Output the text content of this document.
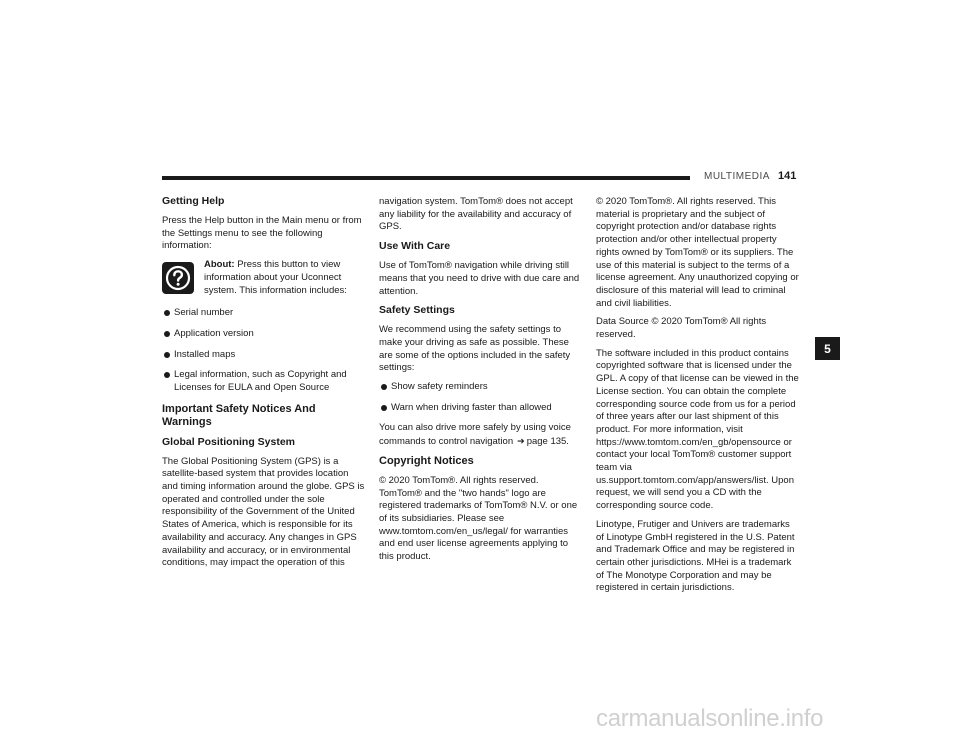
MULTIMEDIA 141
Getting Help

Press the Help button in the Main menu or from the Settings menu to see the following information:

About: Press this button to view information about your Uconnect system. This information includes:
Serial number
Application version
Installed maps
Legal information, such as Copyright and Licenses for EULA and Open Source
Important Safety Notices And Warnings
Global Positioning System

The Global Positioning System (GPS) is a satellite-based system that provides location and timing information around the globe. GPS is operated and controlled under the sole responsibility of the Government of the United States of America, which is responsible for its availability and accuracy. Any changes in GPS availability and accuracy, or in environmental conditions, may impact the operation of this

navigation system. TomTom® does not accept any liability for the availability and accuracy of GPS.

Use With Care

Use of TomTom® navigation while driving still means that you need to drive with due care and attention.

Safety Settings

We recommend using the safety settings to make your driving as safe as possible. These are some of the options included in the safety settings:

Show safety reminders
Warn when driving faster than allowed

You can also drive more safely by using voice commands to control navigation ➔ page 135.

Copyright Notices

© 2020 TomTom®. All rights reserved. TomTom® and the "two hands" logo are registered trademarks of TomTom® N.V. or one of its subsidiaries. Please see www.tomtom.com/en_us/legal/ for warranties and end user license agreements applying to this product.

© 2020 TomTom®. All rights reserved. This material is proprietary and the subject of copyright protection and/or database rights protection and/or other intellectual property rights owned by TomTom® or its suppliers. The use of this material is subject to the terms of a license agreement. Any unauthorized copying or disclosure of this material will lead to criminal and civil liabilities.

Data Source © 2020 TomTom® All rights reserved.

The software included in this product contains copyrighted software that is licensed under the GPL. A copy of that license can be viewed in the License section. You can obtain the complete corresponding source code from us for a period of three years after our last shipment of this product. For more information, visit https://www.tomtom.com/en_gb/opensource or contact your local TomTom® customer support team via us.support.tomtom.com/app/answers/list. Upon request, we will send you a CD with the corresponding source code.

Linotype, Frutiger and Univers are trademarks of Linotype GmbH registered in the U.S. Patent and Trademark Office and may be registered in certain other jurisdictions. MHei is a trademark of The Monotype Corporation and may be registered in certain jurisdictions.

5
carmanualsonline.info
